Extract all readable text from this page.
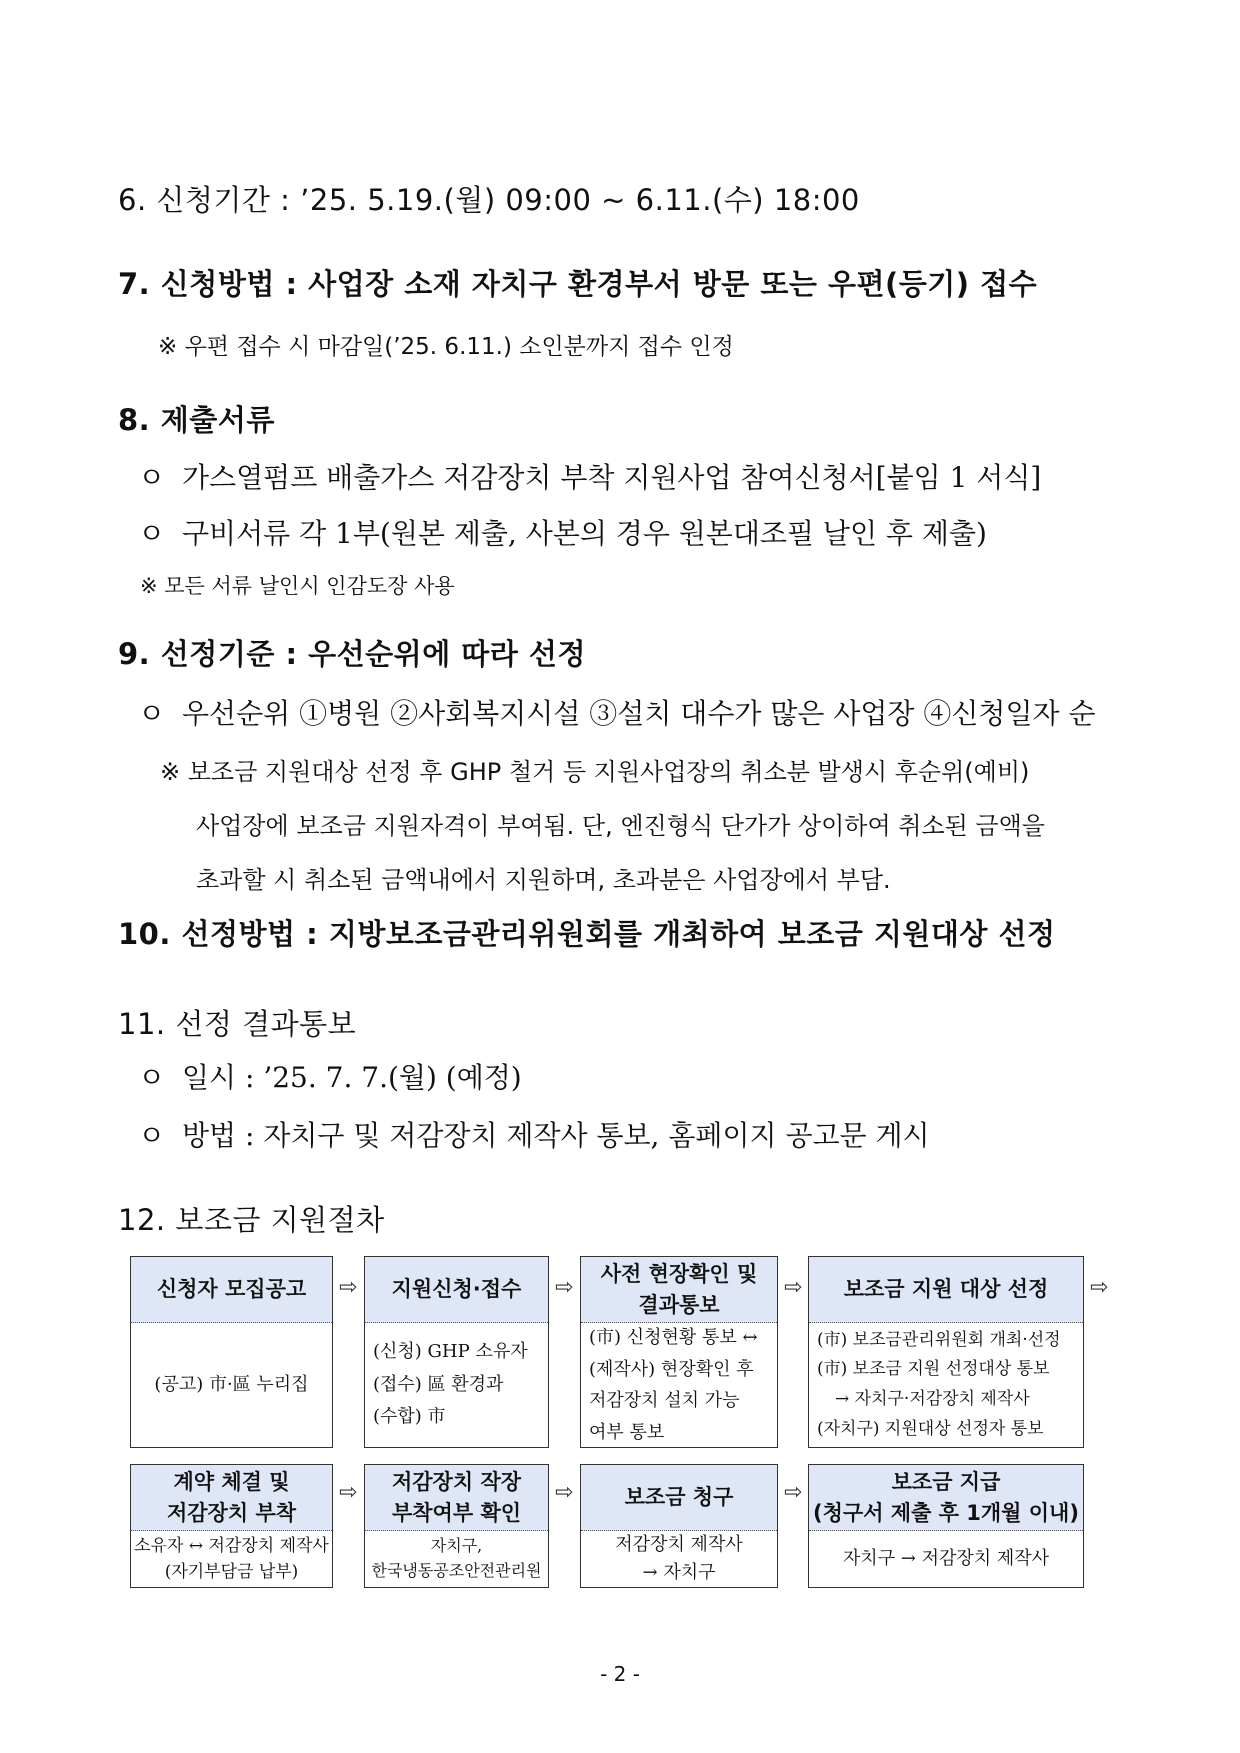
6. 신청기간 : ’25. 5.19.(월) 09:00 ~ 6.11.(수) 18:00
7. 신청방법 : 사업장 소재 자치구 환경부서 방문 또는 우편(등기) 접수
※ 우편 접수 시 마감일(’25. 6.11.) 소인분까지 접수 인정
8. 제출서류
ㅇ 가스열펌프 배출가스 저감장치 부착 지원사업 참여신청서[붙임 1 서식]
ㅇ 구비서류 각 1부(원본 제출, 사본의 경우 원본대조필 날인 후 제출)
※ 모든 서류 날인시 인감도장 사용
9. 선정기준 : 우선순위에 따라 선정
ㅇ 우선순위 ①병원 ②사회복지시설 ③설치 대수가 많은 사업장 ④신청일자 순
※ 보조금 지원대상 선정 후 GHP 철거 등 지원사업장의 취소분 발생시 후순위(예비)
사업장에 보조금 지원자격이 부여됨. 단, 엔진형식 단가가 상이하여 취소된 금액을
초과할 시 취소된 금액내에서 지원하며, 초과분은 사업장에서 부담.
10. 선정방법 : 지방보조금관리위원회를 개최하여 보조금 지원대상 선정
11. 선정 결과통보
ㅇ 일시 : ’25. 7. 7.(월) (예정)
ㅇ 방법 : 자치구 및 저감장치 제작사 통보, 홈페이지 공고문 게시
12. 보조금 지원절차
신청자 모집공고
(공고) 市·區 누리집
⇨ 지원신청·접수
(신청) GHP 소유자
(접수) 區 환경과
(수합) 市
⇨
사전 현장확인 및
결과통보
(市) 신청현황 통보 ↔
(제작사) 현장확인 후
저감장치 설치 가능
여부 통보
⇨ 보조금 지원 대상 선정
(市) 보조금관리위원회 개최·선정
(市) 보조금 지원 선정대상 통보
→ 자치구·저감장치 제작사
(자치구) 지원대상 선정자 통보
⇨
계약 체결 및
저감장치 부착
소유자 ↔ 저감장치 제작사
(자기부담금 납부)
⇨ 저감장치 작장
부착여부 확인
자치구,
한국냉동공조안전관리원
⇨ 보조금 청구
저감장치 제작사
→ 자치구
⇨	보조금 지급
(청구서 제출 후 1개월 이내)
자치구 → 저감장치 제작사
- 2 -
